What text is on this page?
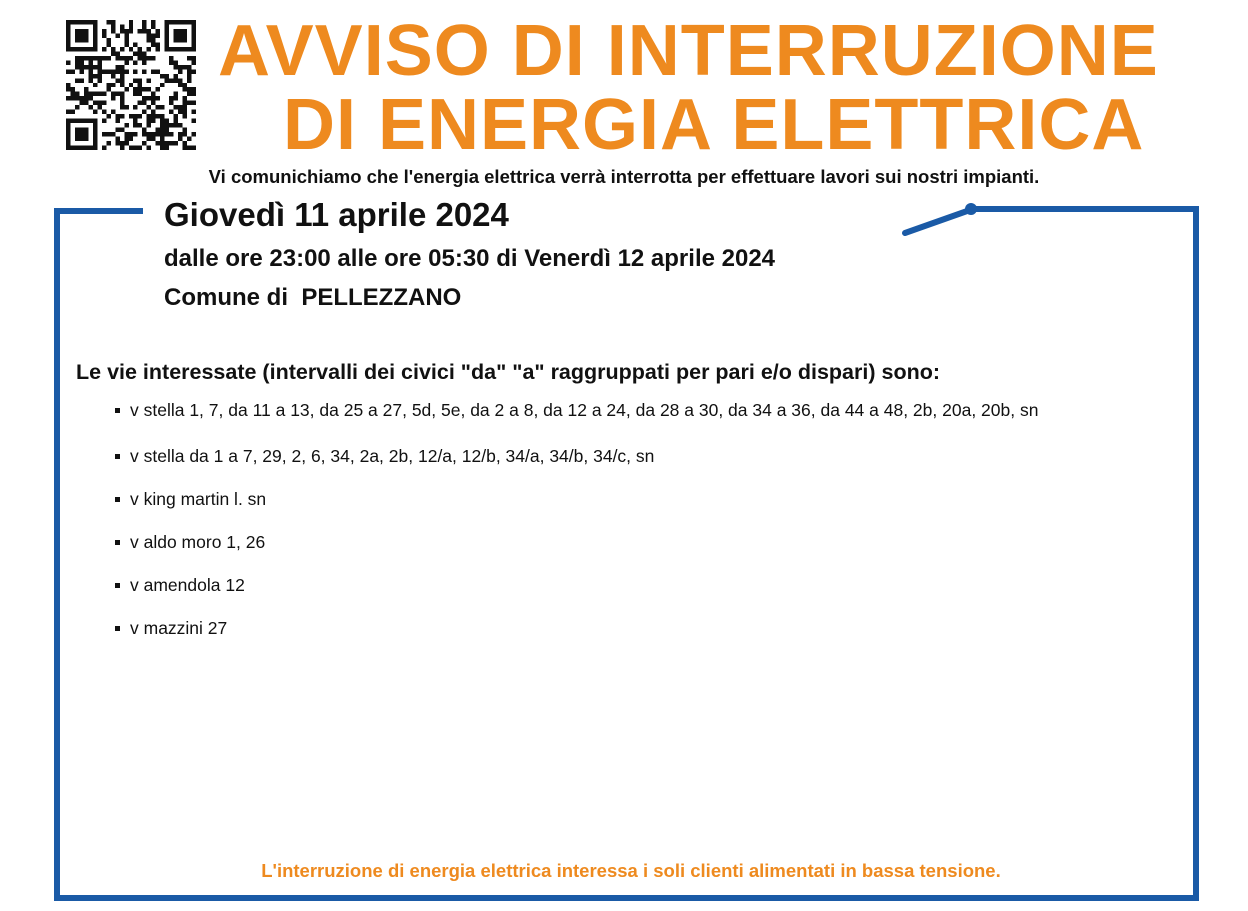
AVVISO DI INTERRUZIONE
DI ENERGIA ELETTRICA
Vi comunichiamo che l'energia elettrica verrà interrotta per effettuare lavori sui nostri impianti.
Giovedì 11 aprile 2024
dalle ore 23:00 alle ore 05:30 di Venerdì 12 aprile 2024
Comune di  PELLEZZANO
Le vie interessate (intervalli dei civici "da" "a" raggruppati per pari e/o dispari) sono:
v stella 1, 7, da 11 a 13, da 25 a 27, 5d, 5e, da 2 a 8, da 12 a 24, da 28 a 30, da 34 a 36, da 44 a 48, 2b, 20a, 20b, sn
v stella da 1 a 7, 29, 2, 6, 34, 2a, 2b, 12/a, 12/b, 34/a, 34/b, 34/c, sn
v king martin l. sn
v aldo moro 1, 26
v amendola 12
v mazzini 27
L'interruzione di energia elettrica interessa i soli clienti alimentati in bassa tensione.
